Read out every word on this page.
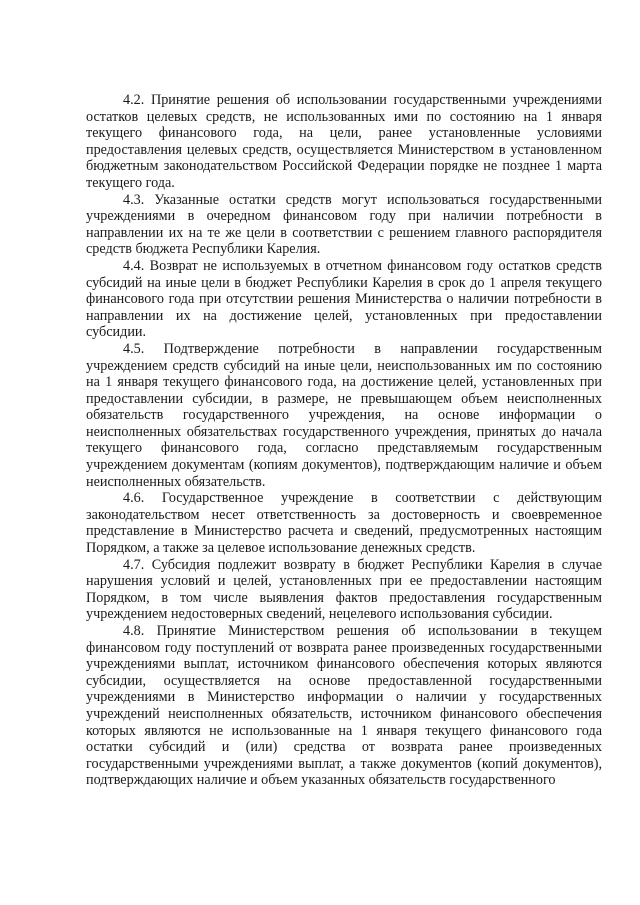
4.2. Принятие решения об использовании государственными учреждениями остатков целевых средств, не использованных ими по состоянию на 1 января текущего финансового года, на цели, ранее установленные условиями предоставления целевых средств, осуществляется Министерством в установленном бюджетным законодательством Российской Федерации порядке не позднее 1 марта текущего года.

4.3. Указанные остатки средств могут использоваться государственными учреждениями в очередном финансовом году при наличии потребности в направлении их на те же цели в соответствии с решением главного распорядителя средств бюджета Республики Карелия.

4.4. Возврат не используемых в отчетном финансовом году остатков средств субсидий на иные цели в бюджет Республики Карелия в срок до 1 апреля текущего финансового года при отсутствии решения Министерства о наличии потребности в направлении их на достижение целей, установленных при предоставлении субсидии.

4.5. Подтверждение потребности в направлении государственным учреждением средств субсидий на иные цели, неиспользованных им по состоянию на 1 января текущего финансового года, на достижение целей, установленных при предоставлении субсидии, в размере, не превышающем объем неисполненных обязательств государственного учреждения, на основе информации о неисполненных обязательствах государственного учреждения, принятых до начала текущего финансового года, согласно представляемым государственным учреждением документам (копиям документов), подтверждающим наличие и объем неисполненных обязательств.

4.6. Государственное учреждение в соответствии с действующим законодательством несет ответственность за достоверность и своевременное представление в Министерство расчета и сведений, предусмотренных настоящим Порядком, а также за целевое использование денежных средств.

4.7. Субсидия подлежит возврату в бюджет Республики Карелия в случае нарушения условий и целей, установленных при ее предоставлении настоящим Порядком, в том числе выявления фактов предоставления государственным учреждением недостоверных сведений, нецелевого использования субсидии.

4.8. Принятие Министерством решения об использовании в текущем финансовом году поступлений от возврата ранее произведенных государственными учреждениями выплат, источником финансового обеспечения которых являются субсидии, осуществляется на основе предоставленной государственными учреждениями в Министерство информации о наличии у государственных учреждений неисполненных обязательств, источником финансового обеспечения которых являются не использованные на 1 января текущего финансового года остатки субсидий и (или) средства от возврата ранее произведенных государственными учреждениями выплат, а также документов (копий документов), подтверждающих наличие и объем указанных обязательств государственного
